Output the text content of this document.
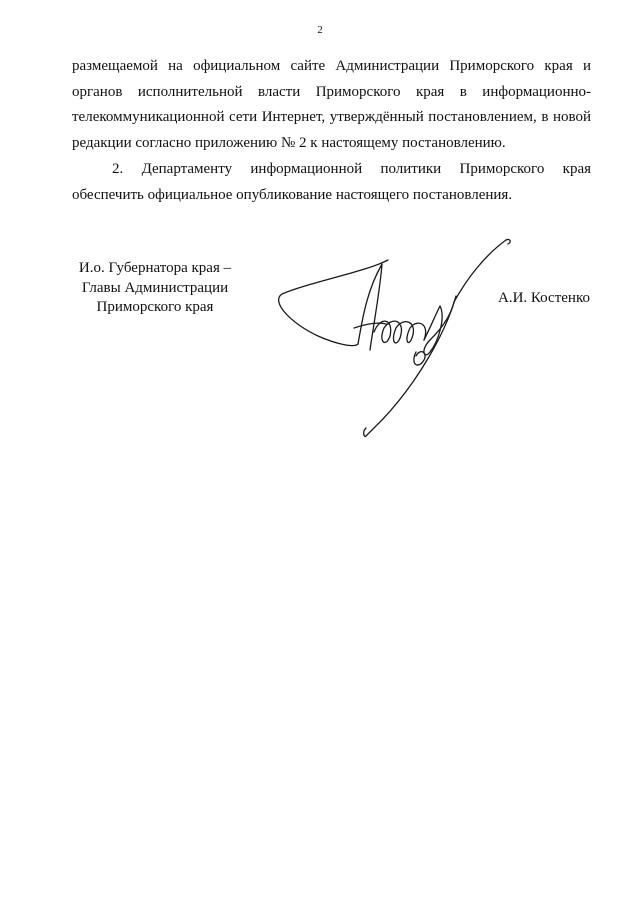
2

размещаемой на официальном сайте Администрации Приморского края и органов исполнительной власти Приморского края в информационно-телекоммуникационной сети Интернет, утверждённый постановлением, в новой редакции согласно приложению № 2 к настоящему постановлению.

2. Департаменту информационной политики Приморского края обеспечить официальное опубликование настоящего постановления.

И.о. Губернатора края –
Главы Администрации
Приморского края
А.И. Костенко
